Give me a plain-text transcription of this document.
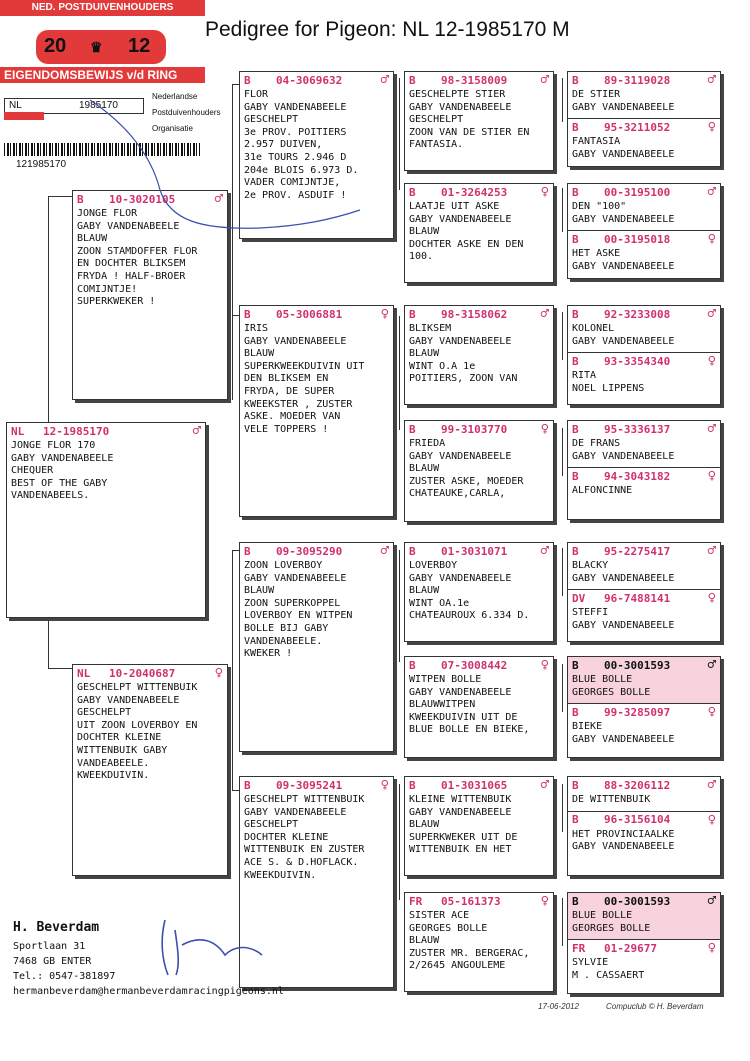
NED. POSTDUIVENHOUDERS ORGANISATIE
20 ♛ 12
EIGENDOMSBEWIJS v/d RING
NL	1985170
Nederlandse
Postduivenhouders
Organisatie
121985170
Pedigree for Pigeon: NL 12-1985170 M
NL	12-1985170	♂
JONGE FLOR 170
GABY VANDENABEELE
CHEQUER
BEST OF THE GABY
VANDENABEELS.
B	10-3020105	♂
JONGE FLOR
GABY VANDENABEELE
BLAUW
ZOON STAMDOFFER FLOR
EN DOCHTER BLIKSEM
FRYDA ! HALF-BROER
COMIJNTJE!
SUPERKWEKER !
NL	10-2040687	♀
GESCHELPT WITTENBUIK
GABY VANDENABEELE
GESCHELPT
UIT ZOON LOVERBOY EN
DOCHTER KLEINE
WITTENBUIK GABY
VANDEABEELE.
KWEEKDUIVIN.
B	04-3069632	♂
FLOR
GABY VANDENABEELE
GESCHELPT
3e PROV. POITIERS
2.957 DUIVEN,
31e TOURS 2.946 D
204e BLOIS 6.973 D.
VADER COMIJNTJE,
2e PROV. ASDUIF !
B	05-3006881	♀
IRIS
GABY VANDENABEELE
BLAUW
SUPERKWEEKDUIVIN UIT
DEN BLIKSEM EN
FRYDA, DE SUPER
KWEEKSTER , ZUSTER
ASKE. MOEDER VAN
VELE TOPPERS !
B	09-3095290	♂
ZOON LOVERBOY
GABY VANDENABEELE
BLAUW
ZOON SUPERKOPPEL
LOVERBOY EN WITPEN
BOLLE BIJ GABY
VANDENABEELE.
KWEKER !
B	09-3095241	♀
GESCHELPT WITTENBUIK
GABY VANDENABEELE
GESCHELPT
DOCHTER KLEINE
WITTENBUIK EN ZUSTER
ACE S. & D.HOFLACK.
KWEEKDUIVIN.
B	98-3158009	♂
GESCHELPTE STIER
GABY VANDENABEELE
GESCHELPT
ZOON VAN DE STIER EN
FANTASIA.
B	01-3264253	♀
LAATJE UIT ASKE
GABY VANDENABEELE
BLAUW
DOCHTER ASKE EN DEN
100.
B	98-3158062	♂
BLIKSEM
GABY VANDENABEELE
BLAUW
WINT O.A 1e
POITIERS, ZOON VAN
B	99-3103770	♀
FRIEDA
GABY VANDENABEELE
BLAUW
ZUSTER ASKE, MOEDER
CHATEAUKE,CARLA,
B	01-3031071	♂
LOVERBOY
GABY VANDENABEELE
BLAUW
WINT OA.1e
CHATEAUROUX 6.334 D.
B	07-3008442	♀
WITPEN BOLLE
GABY VANDENABEELE
BLAUWWITPEN
KWEEKDUIVIN UIT DE
BLUE BOLLE EN BIEKE,
B	01-3031065	♂
KLEINE WITTENBUIK
GABY VANDENABEELE
BLAUW
SUPERKWEKER UIT DE
WITTENBUIK EN HET
FR	05-161373	♀
SISTER ACE
GEORGES BOLLE
BLAUW
ZUSTER MR. BERGERAC,
2/2645 ANGOULEME
B	89-3119028	♂
DE STIER
GABY VANDENABEELE
B	95-3211052	♀
FANTASIA
GABY VANDENABEELE
B	00-3195100	♂
DEN "100"
GABY VANDENABEELE
B	00-3195018	♀
HET ASKE
GABY VANDENABEELE
B	92-3233008	♂
KOLONEL
GABY VANDENABEELE
B	93-3354340	♀
RITA
NOEL LIPPENS
B	95-3336137	♂
DE FRANS
GABY VANDENABEELE
B	94-3043182	♀
ALFONCINNE
B	95-2275417	♂
BLACKY
GABY VANDENABEELE
DV	96-7488141	♀
STEFFI
GABY VANDENABEELE
B	00-3001593	♂
BLUE BOLLE
GEORGES BOLLE
B	99-3285097	♀
BIEKE
GABY VANDENABEELE
B	88-3206112	♂
DE WITTENBUIK
B	96-3156104	♀
HET PROVINCIAALKE
GABY VANDENABEELE
B	00-3001593	♂
BLUE BOLLE
GEORGES BOLLE
FR	01-29677	♀
SYLVIE
M . CASSAERT
H. Beverdam
Sportlaan 31
7468 GB ENTER
Tel.: 0547-381897
hermanbeverdam@hermanbeverdamracingpigeons.nl
17-06-2012	Compuclub © H. Beverdam
